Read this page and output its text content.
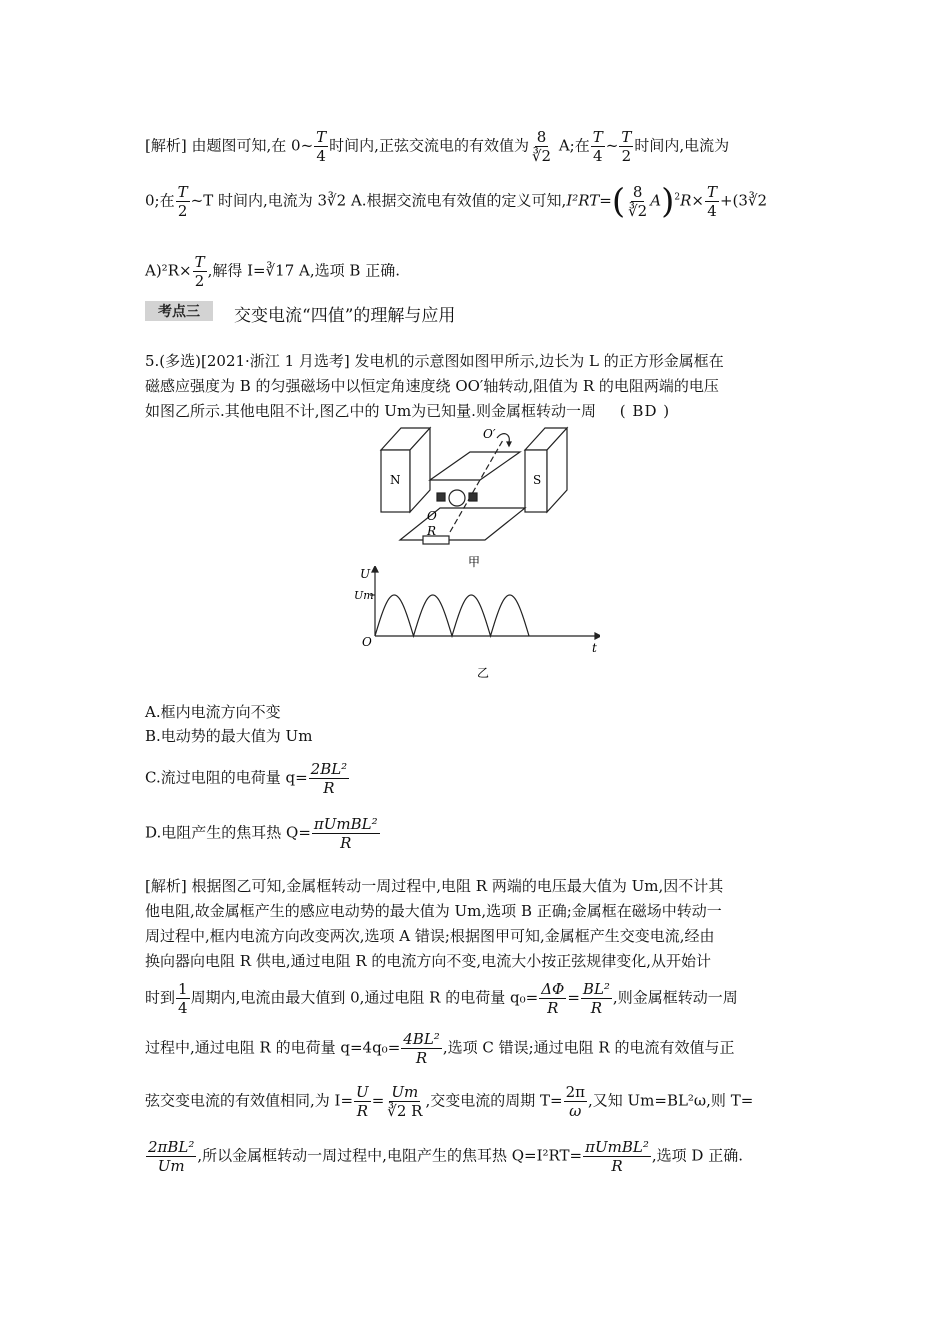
[解析] 由题图可知,在 0~ $\frac{T}{4}$ 时间内,正弦交流电的有效值为 $\frac{8}{∛2} A$;在 $\frac{T}{4}$ ~ $\frac{T}{2}$ 时间内,电流为
0;在 $\frac{T}{2}$ ~T 时间内,电流为 3∛2 A.根据交流电有效值的定义可知$,I^2RT=( \frac{8}{∛2} A)^2R\times \frac{T}{4}$ +(3∛2
$A)^2R\times \frac{T}{2}$ ,解得 I=∛17 A,选项 B 正确.
考点三	交变电流“四值”的理解与应用
5.(多选)[2021·浙江 1 月选考] 发电机的示意图如图甲所示,边长为 L 的正方形金属框在
磁感应强度为 B 的匀强磁场中以恒定角速度绕 OO′轴转动,阻值为 R 的电阻两端的电压
如图乙所示.其他电阻不计,图乙中的 Um为已知量.则金属框转动一周 ( BD )
N	S
O′
O
R
甲
U
Um
O	t
乙
A.框内电流方向不变
B.电动势的最大值为 Um
C.流过电阻的电荷量 $q= \frac{\text{2BL²}}{R}$
D.电阻产生的焦耳热 $Q= \frac{\text{πUmBL²}}{R}$
[解析] 根据图乙可知,金属框转动一周过程中,电阻 R 两端的电压最大值为 Um,因不计其
他电阻,故金属框产生的感应电动势的最大值为 Um,选项 B 正确;金属框在磁场中转动一
周过程中,框内电流方向改变两次,选项 A 错误;根据图甲可知,金属框产生交变电流,经由
换向器向电阻 R 供电,通过电阻 R 的电流方向不变,电流大小按正弦规律变化,从开始计
时到 $\frac{1}{4}$ 周期内,电流由最大值到 0,通过电阻 R 的电荷量 $q_0= \frac{\Delta\Phi}{R} = \frac{\text{BL²}}{R}$ ,则金属框转动一周
过程中,通过电阻 R 的电荷量 $q=4q_0= \frac{\text{4BL²}}{R}$ ,选项 C 错误;通过电阻 R 的电流有效值与正
弦交变电流的有效值相同,为 $I= \frac{U}{R} = \frac{Um}{∛2 R}$ ,交变电流的周期 $T= \frac{2\pi}{\omega}$ ,又知 Um=BL²ω,则 T=
$\frac{\text{2πBL²}}{Um}$ ,所以金属框转动一周过程中,电阻产生的焦耳热 $Q=I^2RT= \frac{\text{πUmBL²}}{R}$ ,选项 D 正确.
